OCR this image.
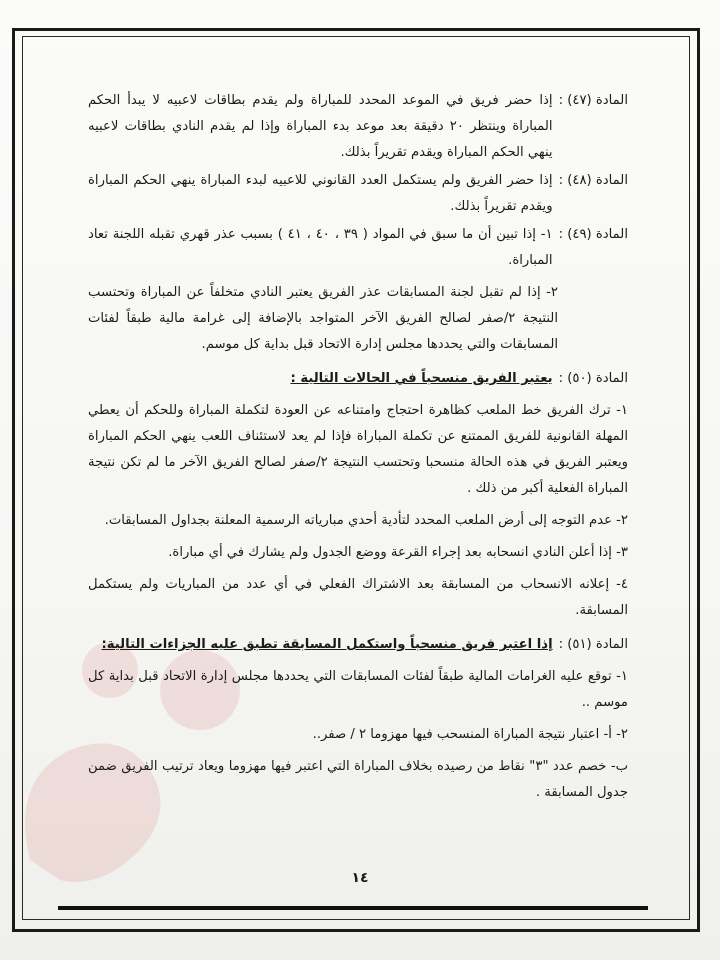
المادة (٤٧) :
إذا حضر فريق في الموعد المحدد للمباراة ولم يقدم بطاقات لاعبيه لا يبدأ الحكم المباراة وينتظر ٢٠ دقيقة بعد موعد بدء المباراة وإذا لم يقدم النادي بطاقات لاعبيه ينهي الحكم المباراة ويقدم تقريراً بذلك.
المادة (٤٨) :
إذا حضر الفريق ولم يستكمل العدد القانوني للاعبيه لبدء المباراة ينهي الحكم المباراة ويقدم تقريراً بذلك.
المادة (٤٩) :
١- إذا تبين أن ما سبق في المواد ( ٣٩ ، ٤٠ ، ٤١ ) بسبب عذر قهري تقبله اللجنة تعاد المباراة.
٢- إذا لم تقبل لجنة المسابقات عذر الفريق يعتبر النادي متخلفاً عن المباراة وتحتسب النتيجة ٢/صفر لصالح الفريق الآخر المتواجد بالإضافة إلى غرامة مالية طبقاً لفئات المسابقات والتي يحددها مجلس إدارة الاتحاد قبل بداية كل موسم.
المادة (٥٠) :
يعتبر الفريق منسحباً في الحالات التالية :
١- ترك الفريق خط الملعب كظاهرة احتجاج وامتناعه عن العودة لتكملة المباراة وللحكم أن يعطي المهلة القانونية للفريق الممتنع عن تكملة المباراة فإذا لم يعد لاستئناف اللعب ينهي الحكم المباراة ويعتبر الفريق في هذه الحالة منسحبا وتحتسب النتيجة ٢/صفر لصالح الفريق الآخر ما لم تكن نتيجة المباراة الفعلية أكبر من ذلك .
٢- عدم التوجه إلى أرض الملعب المحدد لتأدية أحدي مبارياته الرسمية المعلنة بجداول المسابقات.
٣- إذا أعلن النادي انسحابه بعد إجراء القرعة ووضع الجدول ولم يشارك في أي مباراة.
٤- إعلانه الانسحاب من المسابقة بعد الاشتراك الفعلي في أي عدد من المباريات ولم يستكمل المسابقة.
المادة (٥١) :
إذا اعتبر فريق منسحباً واستكمل المسابقة تطبق عليه الجزاءات التالية:
١- توقع عليه الغرامات المالية طبقاً لفئات المسابقات التي يحددها مجلس إدارة الاتحاد قبل بداية كل موسم ..
٢- أ- اعتبار نتيجة المباراة المنسحب فيها مهزوما ٢ / صفر..
ب- خصم عدد "٣" نقاط من رصيده بخلاف المباراة التي اعتبر فيها مهزوما ويعاد ترتيب الفريق ضمن جدول المسابقة .
١٤
